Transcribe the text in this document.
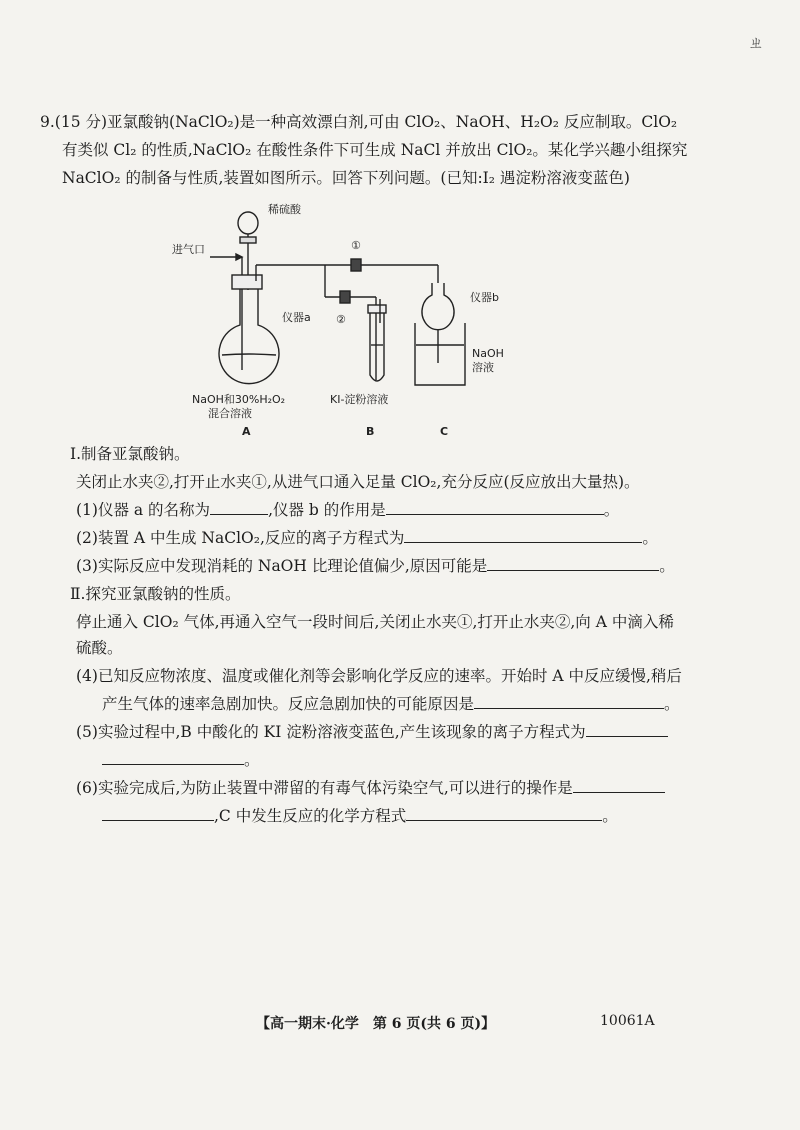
ㄓ
9.(15 分)亚氯酸钠(NaClO₂)是一种高效漂白剂,可由 ClO₂、NaOH、H₂O₂ 反应制取。ClO₂
有类似 Cl₂ 的性质,NaClO₂ 在酸性条件下可生成 NaCl 并放出 ClO₂。某化学兴趣小组探究
NaClO₂ 的制备与性质,装置如图所示。回答下列问题。(已知:I₂ 遇淀粉溶液变蓝色)
稀硫酸
进气口	①
②
仪器a
仪器b
NaOH
溶液
NaOH和30%H₂O₂
混合溶液
KI-淀粉溶液
A	B	C
Ⅰ.制备亚氯酸钠。
关闭止水夹②,打开止水夹①,从进气口通入足量 ClO₂,充分反应(反应放出大量热)。
(1)仪器 a 的名称为	,仪器 b 的作用是	。
(2)装置 A 中生成 NaClO₂,反应的离子方程式为	。
(3)实际反应中发现消耗的 NaOH 比理论值偏少,原因可能是	。
Ⅱ.探究亚氯酸钠的性质。
停止通入 ClO₂ 气体,再通入空气一段时间后,关闭止水夹①,打开止水夹②,向 A 中滴入稀
硫酸。
(4)已知反应物浓度、温度或催化剂等会影响化学反应的速率。开始时 A 中反应缓慢,稍后
产生气体的速率急剧加快。反应急剧加快的可能原因是	。
(5)实验过程中,B 中酸化的 KI 淀粉溶液变蓝色,产生该现象的离子方程式为
。
(6)实验完成后,为防止装置中滞留的有毒气体污染空气,可以进行的操作是
,C 中发生反应的化学方程式	。
【高一期末·化学　第 6 页(共 6 页)】	10061A
